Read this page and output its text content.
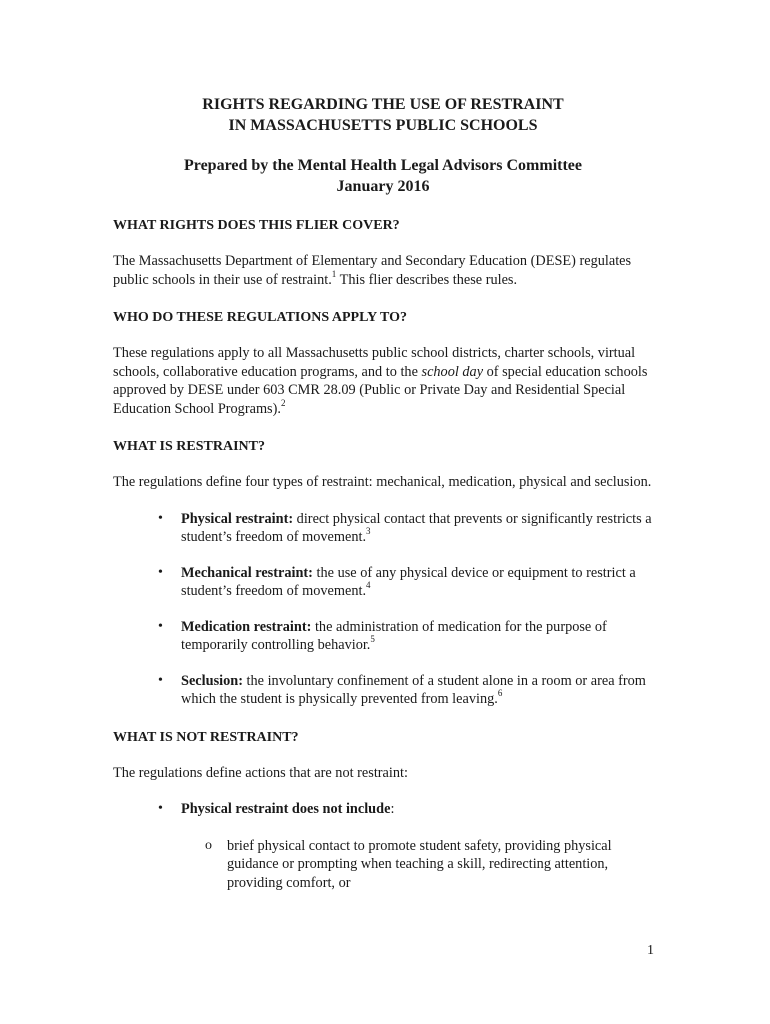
RIGHTS REGARDING THE USE OF RESTRAINT
IN MASSACHUSETTS PUBLIC SCHOOLS

Prepared by the Mental Health Legal Advisors Committee
January 2016

WHAT RIGHTS DOES THIS FLIER COVER?

The Massachusetts Department of Elementary and Secondary Education (DESE) regulates public schools in their use of restraint.$^1$ This flier describes these rules.

WHO DO THESE REGULATIONS APPLY TO?

These regulations apply to all Massachusetts public school districts, charter schools, virtual schools, collaborative education programs, and to the school day of special education schools approved by DESE under 603 CMR 28.09 (Public or Private Day and Residential Special Education School Programs).$^2$

WHAT IS RESTRAINT?

The regulations define four types of restraint: mechanical, medication, physical and seclusion.

• Physical restraint: direct physical contact that prevents or significantly restricts a student’s freedom of movement.$^3$
• Mechanical restraint: the use of any physical device or equipment to restrict a student’s freedom of movement.$^4$
• Medication restraint: the administration of medication for the purpose of temporarily controlling behavior.$^5$
• Seclusion: the involuntary confinement of a student alone in a room or area from which the student is physically prevented from leaving.$^6$

WHAT IS NOT RESTRAINT?

The regulations define actions that are not restraint:

• Physical restraint does not include:
o brief physical contact to promote student safety, providing physical guidance or prompting when teaching a skill, redirecting attention, providing comfort, or
1
